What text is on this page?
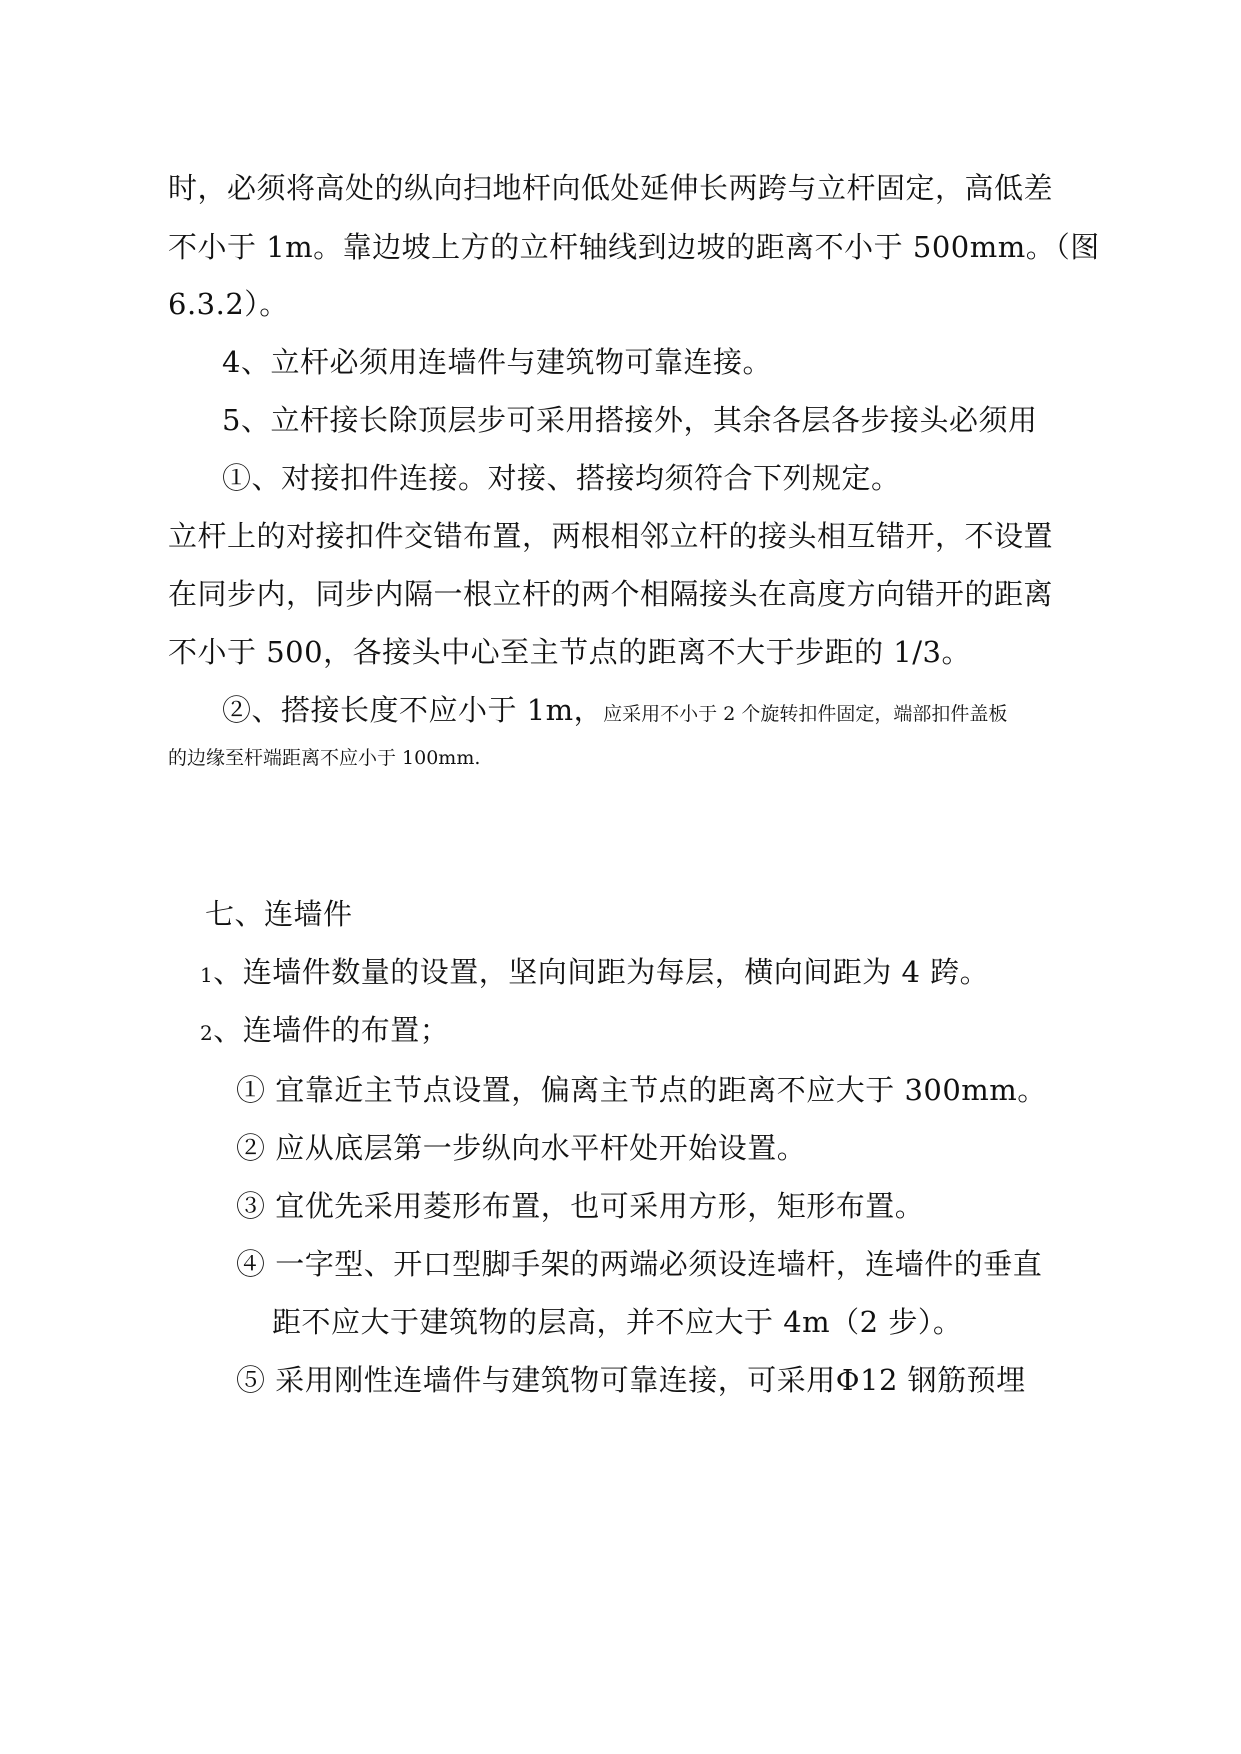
时，必须将高处的纵向扫地杆向低处延伸长两跨与立杆固定，高低差
不小于 1m。靠边坡上方的立杆轴线到边坡的距离不小于 500mm。（图
6.3.2）。
4、立杆必须用连墙件与建筑物可靠连接。
5、立杆接长除顶层步可采用搭接外，其余各层各步接头必须用
①、对接扣件连接。对接、搭接均须符合下列规定。
立杆上的对接扣件交错布置，两根相邻立杆的接头相互错开，不设置
在同步内，同步内隔一根立杆的两个相隔接头在高度方向错开的距离
不小于 500，各接头中心至主节点的距离不大于步距的 1/3。
②、搭接长度不应小于 1m，应采用不小于 2 个旋转扣件固定，端部扣件盖板
的边缘至杆端距离不应小于 100mm.
七、连墙件
1、连墙件数量的设置，坚向间距为每层，横向间距为 4 跨。
2、连墙件的布置；
① 宜靠近主节点设置，偏离主节点的距离不应大于 300mm。
② 应从底层第一步纵向水平杆处开始设置。
③ 宜优先采用菱形布置，也可采用方形，矩形布置。
④ 一字型、开口型脚手架的两端必须设连墙杆，连墙件的垂直
距不应大于建筑物的层高，并不应大于 4m（2 步）。
⑤ 采用刚性连墙件与建筑物可靠连接，可采用Φ12 钢筋预埋
